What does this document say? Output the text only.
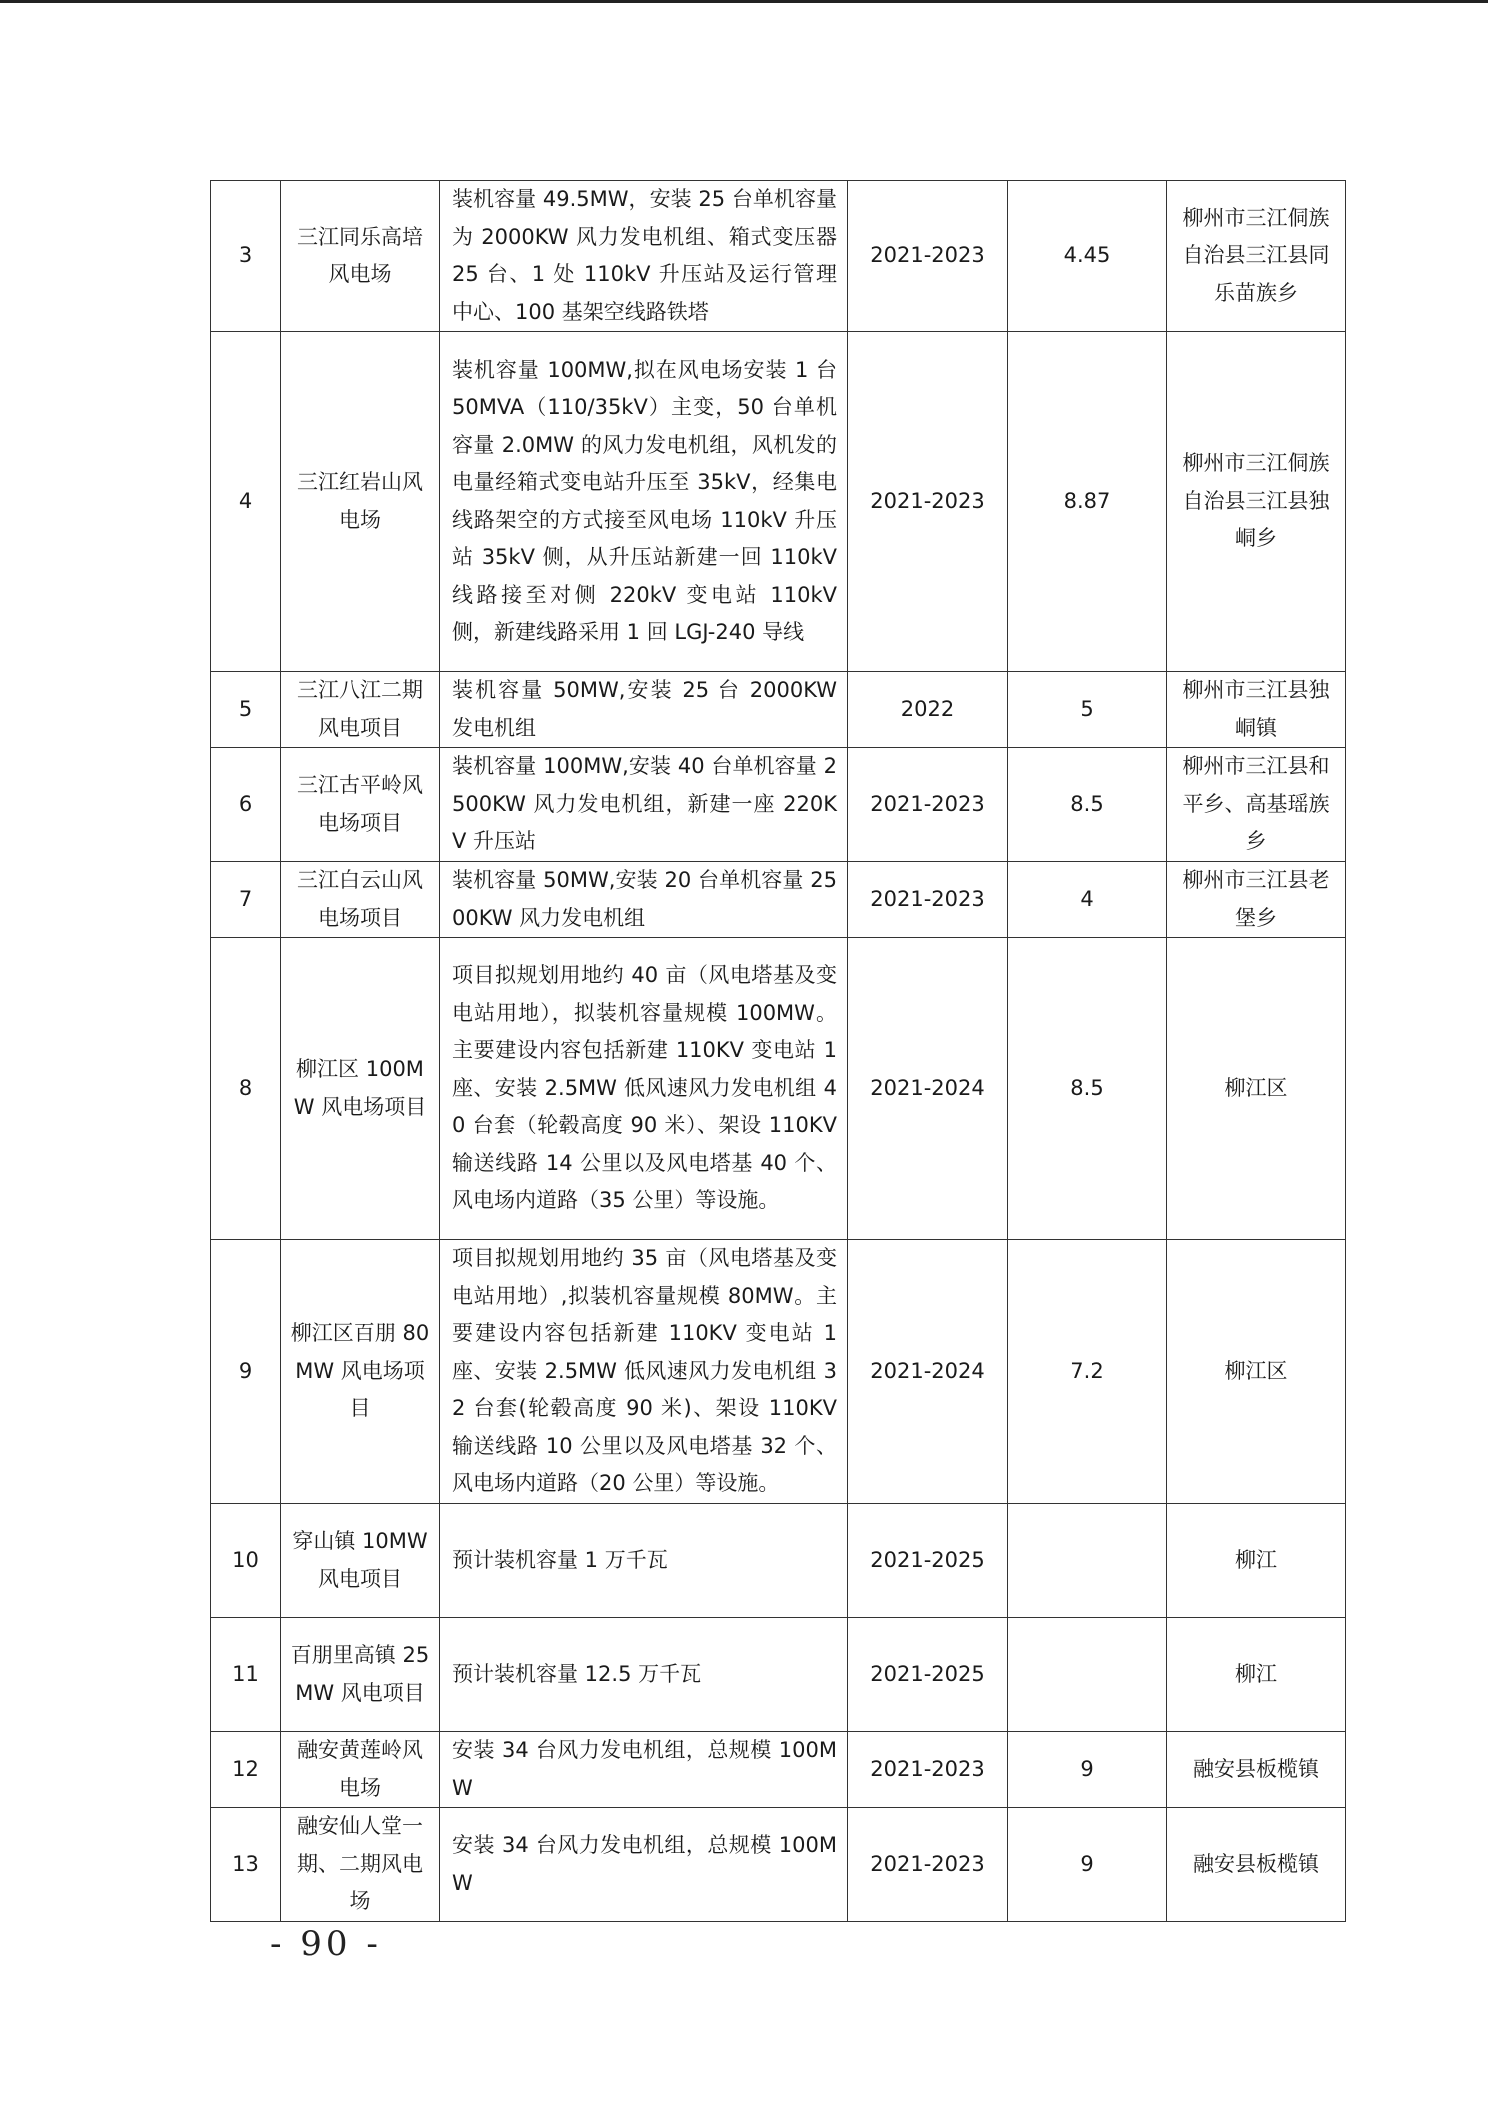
3	三江同乐高培风电场	装机容量 49.5MW，安装 25 台单机容量为 2000KW 风力发电机组、箱式变压器 25 台、1 处 110kV 升压站及运行管理中心、100 基架空线路铁塔	2021-2023	4.45	柳州市三江侗族自治县三江县同乐苗族乡
4	三江红岩山风电场	装机容量 100MW,拟在风电场安装 1 台 50MVA（110/35kV）主变，50 台单机容量 2.0MW 的风力发电机组，风机发的电量经箱式变电站升压至 35kV，经集电线路架空的方式接至风电场 110kV 升压站 35kV 侧，从升压站新建一回 110kV 线路接至对侧 220kV 变电站 110kV 侧，新建线路采用 1 回 LGJ-240 导线	2021-2023	8.87	柳州市三江侗族自治县三江县独峒乡
5	三江八江二期风电项目	装机容量 50MW,安装 25 台 2000KW 发电机组	2022	5	柳州市三江县独峒镇
6	三江古平岭风电场项目	装机容量 100MW,安装 40 台单机容量 2500KW 风力发电机组，新建一座 220KV 升压站	2021-2023	8.5	柳州市三江县和平乡、高基瑶族乡
7	三江白云山风电场项目	装机容量 50MW,安装 20 台单机容量 2500KW 风力发电机组	2021-2023	4	柳州市三江县老堡乡
8	柳江区 100MW 风电场项目	项目拟规划用地约 40 亩（风电塔基及变电站用地），拟装机容量规模 100MW。主要建设内容包括新建 110KV 变电站 1 座、安装 2.5MW 低风速风力发电机组 40 台套（轮毂高度 90 米）、架设 110KV 输送线路 14 公里以及风电塔基 40 个、风电场内道路（35 公里）等设施。	2021-2024	8.5	柳江区
9	柳江区百朋 80MW 风电场项目	项目拟规划用地约 35 亩（风电塔基及变电站用地）,拟装机容量规模 80MW。主要建设内容包括新建 110KV 变电站 1 座、安装 2.5MW 低风速风力发电机组 32 台套(轮毂高度 90 米)、架设 110KV 输送线路 10 公里以及风电塔基 32 个、风电场内道路（20 公里）等设施。	2021-2024	7.2	柳江区
10	穿山镇 10MW 风电项目	预计装机容量 1 万千瓦	2021-2025		柳江
11	百朋里高镇 25MW 风电项目	预计装机容量 12.5 万千瓦	2021-2025		柳江
12	融安黄莲岭风电场	安装 34 台风力发电机组，总规模 100MW	2021-2023	9	融安县板榄镇
13	融安仙人堂一期、二期风电场	安装 34 台风力发电机组，总规模 100MW	2021-2023	9	融安县板榄镇
- 90 -
